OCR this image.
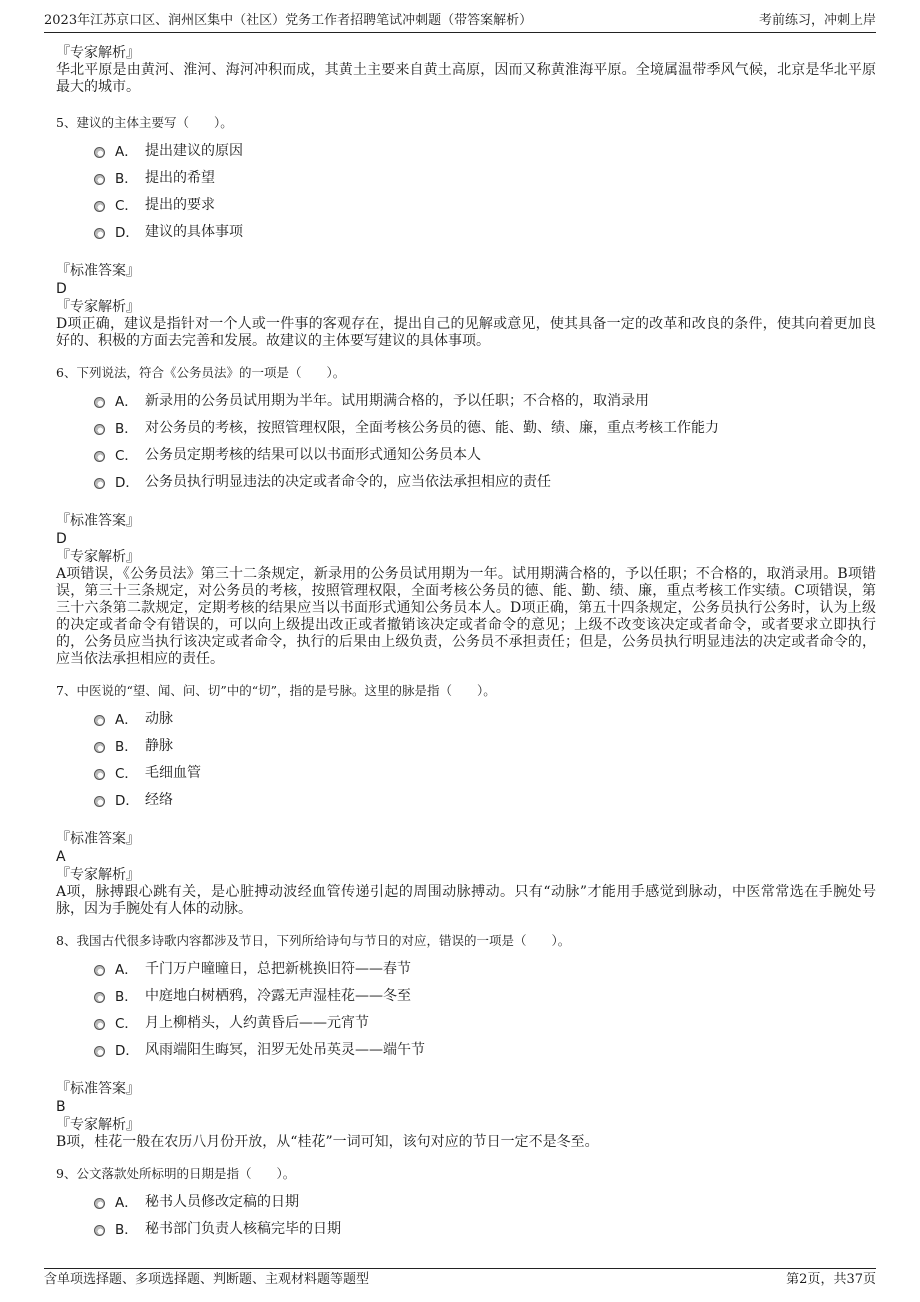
2023年江苏京口区、润州区集中（社区）党务工作者招聘笔试冲刺题（带答案解析）	考前练习，冲刺上岸

『专家解析』

华北平原是由黄河、淮河、海河冲积而成，其黄土主要来自黄土高原，因而又称黄淮海平原。全境属温带季风气候，北京是华北平原最大的城市。

5、建议的主体主要写（　　）。

A． 提出建议的原因
B． 提出的希望
C． 提出的要求
D． 建议的具体事项

『标准答案』

D

『专家解析』

D项正确，建议是指针对一个人或一件事的客观存在，提出自己的见解或意见，使其具备一定的改革和改良的条件，使其向着更加良好的、积极的方面去完善和发展。故建议的主体要写建议的具体事项。

6、下列说法，符合《公务员法》的一项是（　　）。

A． 新录用的公务员试用期为半年。试用期满合格的，予以任职；不合格的，取消录用
B． 对公务员的考核，按照管理权限，全面考核公务员的德、能、勤、绩、廉，重点考核工作能力
C． 公务员定期考核的结果可以以书面形式通知公务员本人
D． 公务员执行明显违法的决定或者命令的，应当依法承担相应的责任

『标准答案』

D

『专家解析』

A项错误，《公务员法》第三十二条规定，新录用的公务员试用期为一年。试用期满合格的，予以任职；不合格的，取消录用。B项错误，第三十三条规定，对公务员的考核，按照管理权限，全面考核公务员的德、能、勤、绩、廉，重点考核工作实绩。C项错误，第三十六条第二款规定，定期考核的结果应当以书面形式通知公务员本人。D项正确，第五十四条规定，公务员执行公务时，认为上级的决定或者命令有错误的，可以向上级提出改正或者撤销该决定或者命令的意见；上级不改变该决定或者命令，或者要求立即执行的，公务员应当执行该决定或者命令，执行的后果由上级负责，公务员不承担责任；但是，公务员执行明显违法的决定或者命令的，应当依法承担相应的责任。

7、中医说的“望、闻、问、切”中的“切”，指的是号脉。这里的脉是指（　　）。

A． 动脉
B． 静脉
C． 毛细血管
D． 经络

『标准答案』

A

『专家解析』

A项，脉搏跟心跳有关，是心脏搏动波经血管传递引起的周围动脉搏动。只有“动脉”才能用手感觉到脉动，中医常常选在手腕处号脉，因为手腕处有人体的动脉。

8、我国古代很多诗歌内容都涉及节日，下列所给诗句与节日的对应，错误的一项是（　　）。

A． 千门万户曈曈日，总把新桃换旧符——春节
B． 中庭地白树栖鸦，冷露无声湿桂花——冬至
C． 月上柳梢头，人约黄昏后——元宵节
D． 风雨端阳生晦冥，汨罗无处吊英灵——端午节

『标准答案』

B

『专家解析』

B项，桂花一般在农历八月份开放，从“桂花”一词可知，该句对应的节日一定不是冬至。

9、公文落款处所标明的日期是指（　　）。

A． 秘书人员修改定稿的日期
B． 秘书部门负责人核稿完毕的日期
含单项选择题、多项选择题、判断题、主观材料题等题型	第2页，共37页
